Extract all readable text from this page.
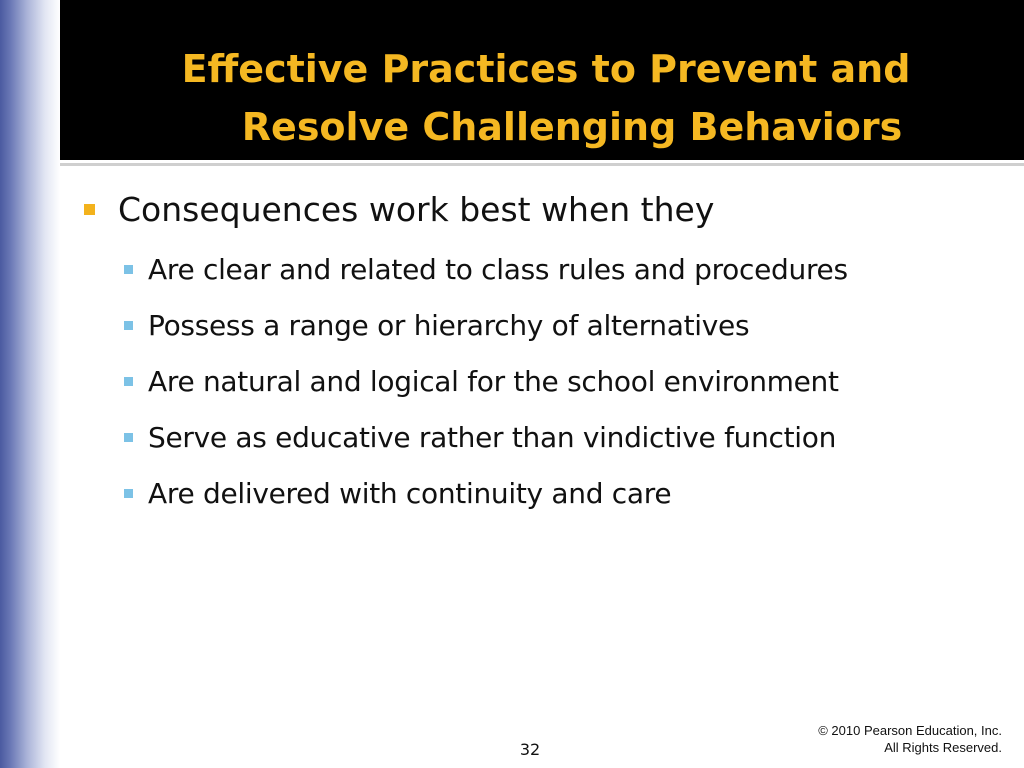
Effective Practices to Prevent and
Resolve Challenging Behaviors
Consequences work best when they
Are clear and related to class rules and procedures
Possess a range or hierarchy of alternatives
Are natural and logical for the school environment
Serve as educative rather than vindictive function
Are delivered with continuity and care
32
© 2010 Pearson Education, Inc.
All Rights Reserved.
